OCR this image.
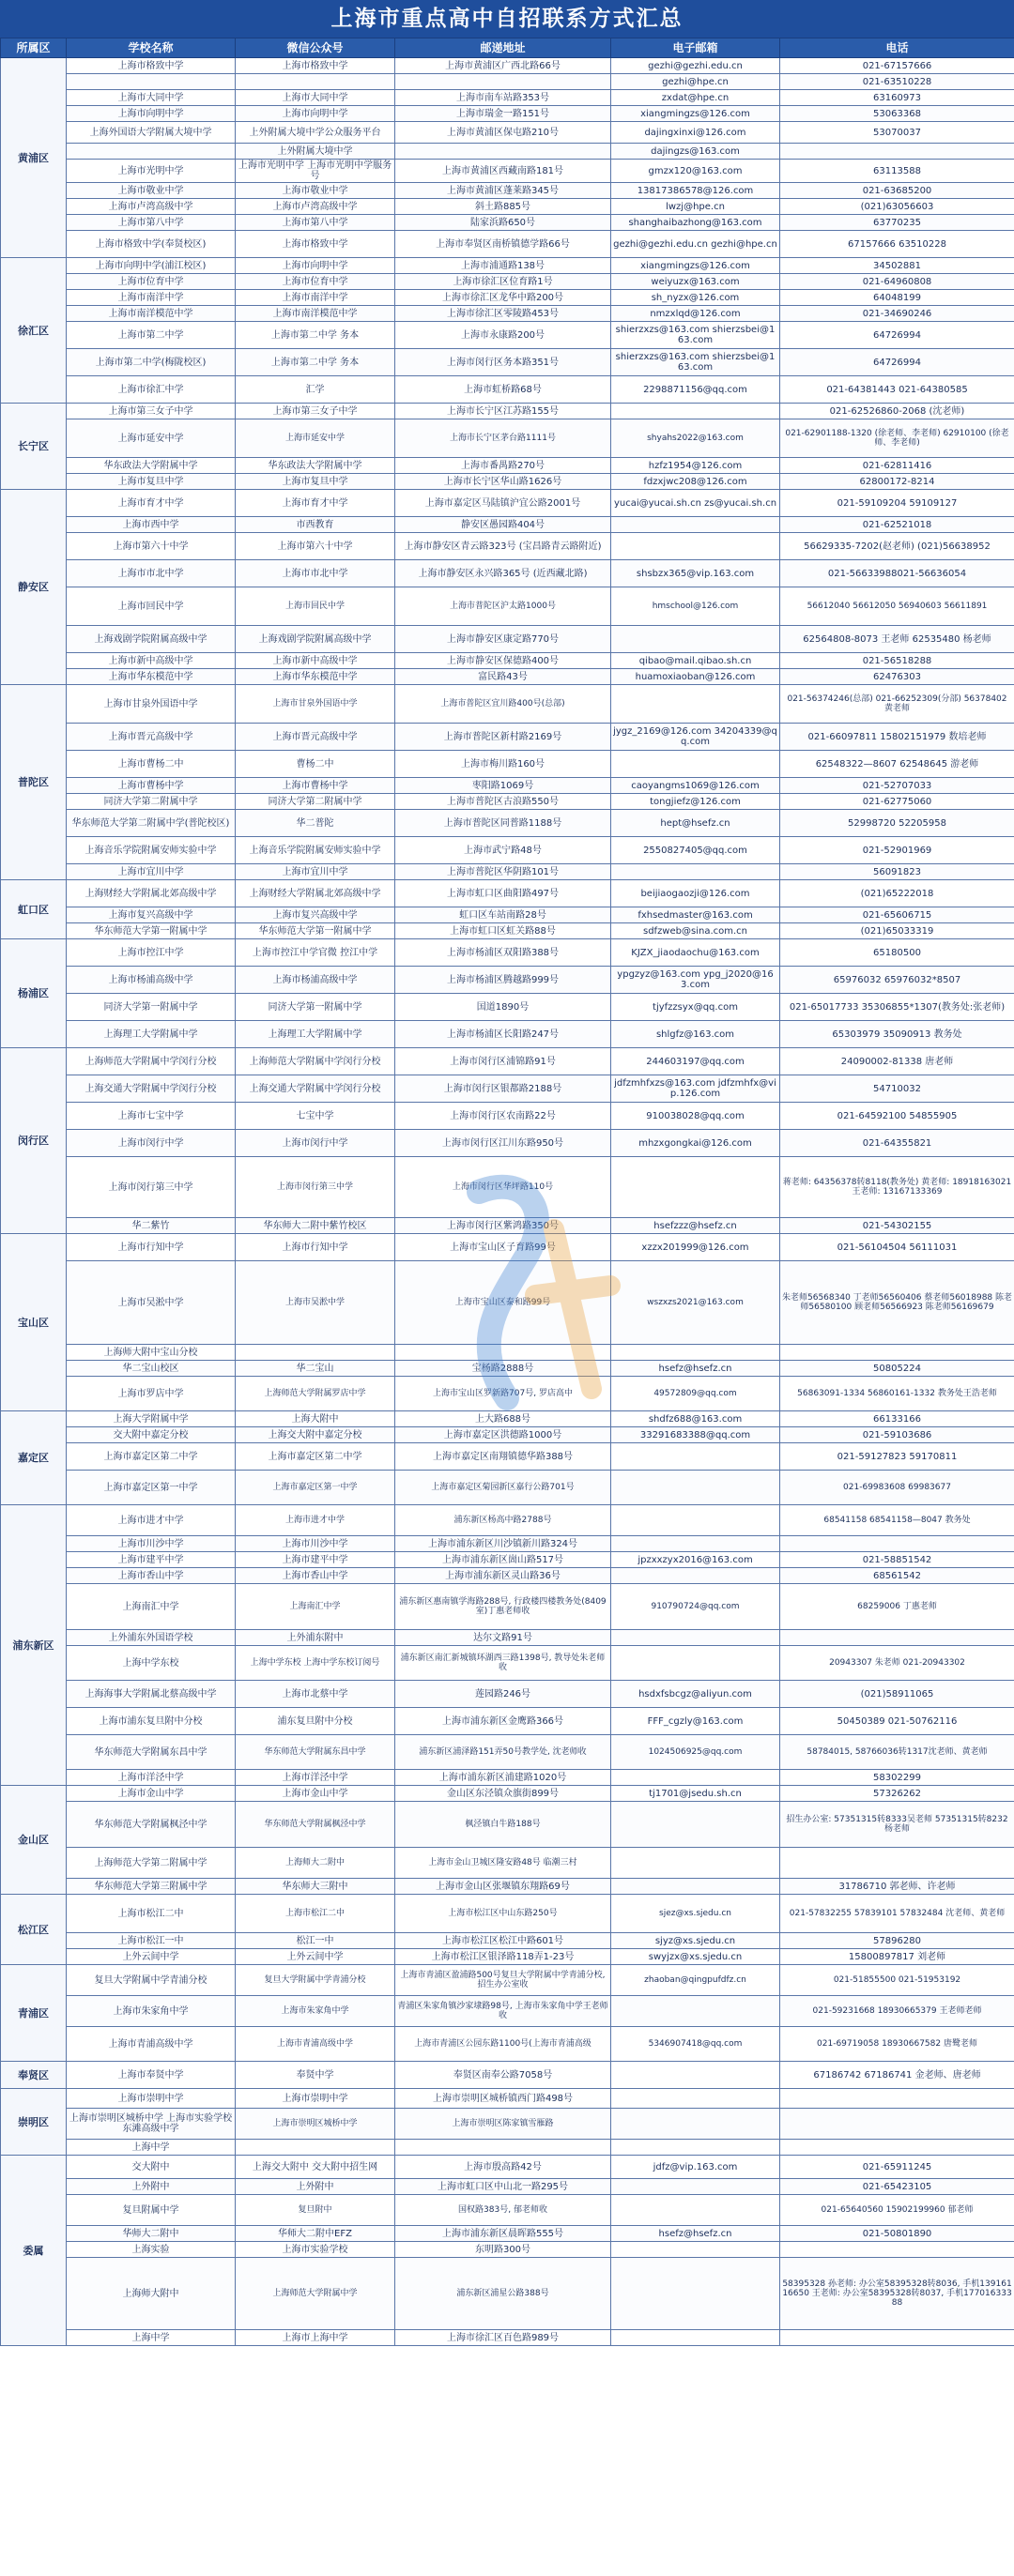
上海市重点高中自招联系方式汇总
所属区	学校名称	微信公众号	邮递地址	电子邮箱	电话
黄浦区	上海市格致中学	上海市格致中学	上海市黄浦区广西北路66号	gezhi@gezhi.edu.cn	021-67157666
				gezhi@hpe.cn	021-63510228
	上海市大同中学	上海市大同中学	上海市南车站路353号	zxdat@hpe.cn	63160973
	上海市向明中学	上海市向明中学	上海市瑞金一路151号	xiangmingzs@126.com	53063368
	上海外国语大学附属大境中学	上外附属大境中学公众服务平台	上海市黄浦区保屯路210号	dajingxinxi@126.com	53070037
		上外附属大境中学		dajingzs@163.com	
	上海市光明中学	上海市光明中学 上海市光明中学服务号	上海市黄浦区西藏南路181号	gmzx120@163.com	63113588
	上海市敬业中学	上海市敬业中学	上海市黄浦区蓬莱路345号	13817386578@126.com	021-63685200
	上海市卢湾高级中学	上海市卢湾高级中学	斜土路885号	lwzj@hpe.cn	(021)63056603
	上海市第八中学	上海市第八中学	陆家浜路650号	shanghaibazhong@163.com	63770235
	上海市格致中学(奉贤校区)	上海市格致中学	上海市奉贤区南桥镇德学路66号	gezhi@gezhi.edu.cn gezhi@hpe.cn	67157666 63510228
徐汇区	上海市向明中学(浦江校区)	上海市向明中学	上海市浦通路138号	xiangmingzs@126.com	34502881
	上海市位育中学	上海市位育中学	上海市徐汇区位育路1号	weiyuzx@163.com	021-64960808
	上海市南洋中学	上海市南洋中学	上海市徐汇区龙华中路200号	sh_nyzx@126.com	64048199
	上海市南洋模范中学	上海市南洋模范中学	上海市徐汇区零陵路453号	nmzxlqd@126.com	021-34690246
	上海市第二中学	上海市第二中学 务本	上海市永康路200号	shierzxzs@163.com shierzsbei@163.com	64726994
	上海市第二中学(梅陇校区)	上海市第二中学 务本	上海市闵行区务本路351号	shierzxzs@163.com shierzsbei@163.com	64726994
	上海市徐汇中学	汇学	上海市虹桥路68号	2298871156@qq.com	021-64381443 021-64380585
长宁区	上海市第三女子中学	上海市第三女子中学	上海市长宁区江苏路155号		021-62526860-2068 (沈老师)
	上海市延安中学	上海市延安中学	上海市长宁区茅台路1111号	shyahs2022@163.com	021-62901188-1320 (徐老师、李老师) 62910100 (徐老师、李老师)
	华东政法大学附属中学	华东政法大学附属中学	上海市番禺路270号	hzfz1954@126.com	021-62811416
	上海市复旦中学	上海市复旦中学	上海市长宁区华山路1626号	fdzxjwc208@126.com	62800172-8214
静安区	上海市育才中学	上海市育才中学	上海市嘉定区马陆镇沪宜公路2001号	yucai@yucai.sh.cn zs@yucai.sh.cn	021-59109204 59109127
	上海市西中学	市西教育	静安区愚园路404号		021-62521018
	上海市第六十中学	上海市第六十中学	上海市静安区青云路323号 (宝昌路青云路附近)		56629335-7202(赵老师) (021)56638952
	上海市市北中学	上海市市北中学	上海市静安区永兴路365号 (近西藏北路)	shsbzx365@vip.163.com	021-56633988021-56636054
	上海市回民中学	上海市回民中学	上海市普陀区沪太路1000号	hmschool@126.com	56612040 56612050 56940603 56611891
	上海戏剧学院附属高级中学	上海戏剧学院附属高级中学	上海市静安区康定路770号		62564808-8073 王老师 62535480 杨老师
	上海市新中高级中学	上海市新中高级中学	上海市静安区保德路400号	qibao@mail.qibao.sh.cn	021-56518288
	上海市华东模范中学	上海市华东模范中学	富民路43号	huamoxiaoban@126.com	62476303
普陀区	上海市甘泉外国语中学	上海市甘泉外国语中学	上海市普陀区宜川路400号(总部)		021-56374246(总部) 021-66252309(分部) 56378402 黄老师
	上海市晋元高级中学	上海市晋元高级中学	上海市普陀区新村路2169号	jygz_2169@126.com 34204339@qq.com	021-66097811 15802151979 数培老师
	上海市曹杨二中	曹杨二中	上海市梅川路160号		62548322—8607 62548645 游老师
	上海市曹杨中学	上海市曹杨中学	枣阳路1069号	caoyangms1069@126.com	021-52707033
	同济大学第二附属中学	同济大学第二附属中学	上海市普陀区古浪路550号	tongjiefz@126.com	021-62775060
	华东师范大学第二附属中学(普陀校区)	华二普陀	上海市普陀区同普路1188号	hept@hsefz.cn	52998720 52205958
	上海音乐学院附属安师实验中学	上海音乐学院附属安师实验中学	上海市武宁路48号	2550827405@qq.com	021-52901969
	上海市宜川中学	上海市宜川中学	上海市普陀区华阴路101号		56091823
虹口区	上海财经大学附属北郊高级中学	上海财经大学附属北郊高级中学	上海市虹口区曲阳路497号	beijiaogaozji@126.com	(021)65222018
	上海市复兴高级中学	上海市复兴高级中学	虹口区车站南路28号	fxhsedmaster@163.com	021-65606715
	华东师范大学第一附属中学	华东师范大学第一附属中学	上海市虹口区虹关路88号	sdfzweb@sina.com.cn	(021)65033319
杨浦区	上海市控江中学	上海市控江中学官微 控江中学	上海市杨浦区双阳路388号	KJZX_jiaodaochu@163.com	65180500
	上海市杨浦高级中学	上海市杨浦高级中学	上海市杨浦区腾越路999号	ypgzyz@163.com ypg_j2020@163.com	65976032 65976032*8507
	同济大学第一附属中学	同济大学第一附属中学	国道1890号	tjyfzzsyx@qq.com	021-65017733 35306855*1307(教务处:张老师)
	上海理工大学附属中学	上海理工大学附属中学	上海市杨浦区长阳路247号	shlgfz@163.com	65303979 35090913 教务处
闵行区	上海师范大学附属中学闵行分校	上海师范大学附属中学闵行分校	上海市闵行区浦锦路91号	244603197@qq.com	24090002-81338 唐老师
	上海交通大学附属中学闵行分校	上海交通大学附属中学闵行分校	上海市闵行区银都路2188号	jdfzmhfxzs@163.com jdfzmhfx@vip.126.com	54710032
	上海市七宝中学	七宝中学	上海市闵行区农南路22号	910038028@qq.com	021-64592100 54855905
	上海市闵行中学	上海市闵行中学	上海市闵行区江川东路950号	mhzxgongkai@126.com	021-64355821
	上海市闵行第三中学	上海市闵行第三中学	上海市闵行区华坪路110号		蒋老师: 64356378转8118(教务处) 黄老师: 18918163021 王老师: 13167133369
	华二紫竹	华东师大二附中紫竹校区	上海市闵行区紫鸿路350号	hsefzzz@hsefz.cn	021-54302155
宝山区	上海市行知中学	上海市行知中学	上海市宝山区子育路99号	xzzx201999@126.com	021-56104504 56111031
	上海市吴淞中学	上海市吴淞中学	上海市宝山区泰和路99号	wszxzs2021@163.com	朱老师56568340 丁老师56560406 蔡老师56018988 陈老师56580100 顾老师56566923 陈老师56169679
	上海师大附中宝山分校				
	华二宝山校区	华二宝山	宝杨路2888号	hsefz@hsefz.cn	50805224
	上海市罗店中学	上海师范大学附属罗店中学	上海市宝山区罗新路707号, 罗店高中	49572809@qq.com	56863091-1334 56860161-1332 教务处王浩老师
嘉定区	上海大学附属中学	上海大附中	上大路688号	shdfz688@163.com	66133166
	交大附中嘉定分校	上海交大附中嘉定分校	上海市嘉定区洪德路1000号	33291683388@qq.com	021-59103686
	上海市嘉定区第二中学	上海市嘉定区第二中学	上海市嘉定区南翔镇德华路388号		021-59127823 59170811
	上海市嘉定区第一中学	上海市嘉定区第一中学	上海市嘉定区菊园新区嘉行公路701号		021-69983608 69983677
浦东新区	上海市进才中学	上海市进才中学	浦东新区杨高中路2788号		68541158 68541158—8047 教务处
	上海市川沙中学	上海市川沙中学	上海市浦东新区川沙镇新川路324号		
	上海市建平中学	上海市建平中学	上海市浦东新区崮山路517号	jpzxxzyx2016@163.com	021-58851542
	上海市香山中学	上海市香山中学	上海市浦东新区灵山路36号		68561542
	上海南汇中学	上海南汇中学	浦东新区惠南镇学海路288号, 行政楼四楼教务处(8409室)丁惠老师收	910790724@qq.com	68259006 丁惠老师
	上外浦东外国语学校	上外浦东附中	达尔文路91号		
	上海中学东校	上海中学东校 上海中学东校订阅号	浦东新区南汇新城镇环湖西三路1398号, 教导处朱老师收		20943307 朱老师 021-20943302
	上海海事大学附属北蔡高级中学	上海市北蔡中学	莲园路246号	hsdxfsbcgz@aliyun.com	(021)58911065
	上海市浦东复旦附中分校	浦东复旦附中分校	上海市浦东新区金鹰路366号	FFF_cgzly@163.com	50450389 021-50762116
	华东师范大学附属东昌中学	华东师范大学附属东昌中学	浦东新区浦泽路151弄50号教学处, 沈老师收	1024506925@qq.com	58784015, 58766036转1317沈老师、黄老师
	上海市洋泾中学	上海市洋泾中学	上海市浦东新区浦建路1020号		58302299
金山区	上海市金山中学	上海市金山中学	金山区东泾镇众旗街899号	tj1701@jsedu.sh.cn	57326262
	华东师范大学附属枫泾中学	华东师范大学附属枫泾中学	枫泾镇白牛路188号		招生办公室: 57351315转8333吴老师 57351315转8232 杨老师
	上海师范大学第二附属中学	上海师大二附中	上海市金山卫城区隆安路48号 临潮三村		
	华东师范大学第三附属中学	华东师大三附中	上海市金山区张堰镇东翔路69号		31786710 郭老师、许老师
松江区	上海市松江二中	上海市松江二中	上海市松江区中山东路250号	sjez@xs.sjedu.cn	021-57832255 57839101 57832484 沈老师、黄老师
	上海市松江一中	松江一中	上海市松江区松江中路601号	sjyz@xs.sjedu.cn	57896280
	上外云间中学	上外云间中学	上海市松江区银泽路118弄1-23号	swyjzx@xs.sjedu.cn	15800897817 刘老师
青浦区	复旦大学附属中学青浦分校	复旦大学附属中学青浦分校	上海市青浦区盈浦路500号复旦大学附属中学青浦分校, 招生办公室收	zhaoban@qingpufdfz.cn	021-51855500 021-51953192
	上海市朱家角中学	上海市朱家角中学	青浦区朱家角镇沙家埭路98号, 上海市朱家角中学王老师收		021-59231668 18930665379 王老师老师
	上海市青浦高级中学	上海市青浦高级中学	上海市青浦区公园东路1100号(上海市青浦高级	5346907418@qq.com	021-69719058 18930667582 唐鹭老师
奉贤区	上海市奉贤中学	奉贤中学	奉贤区南奉公路7058号		67186742 67186741 金老师、唐老师
崇明区	上海市崇明中学	上海市崇明中学	上海市崇明区城桥镇西门路498号		
	上海市崇明区城桥中学 上海市实验学校东滩高级中学	上海市崇明区城桥中学	上海市崇明区陈家镇雪雁路		
	上海中学				
委属	交大附中	上海交大附中 交大附中招生网	上海市殷高路42号	jdfz@vip.163.com	021-65911245
	上外附中	上外附中	上海市虹口区中山北一路295号		021-65423105
	复旦附属中学	复旦附中	国权路383号, 郁老师收		021-65640560 15902199960 郁老师
	华师大二附中	华师大二附中EFZ	上海市浦东新区晨晖路555号	hsefz@hsefz.cn	021-50801890
	上海实验	上海市实验学校	东明路300号		
	上海师大附中	上海师范大学附属中学	浦东新区浦星公路388号		58395328 孙老师: 办公室58395328转8036, 手机13916116650 王老师: 办公室58395328转8037, 手机17701633388
	上海中学	上海市上海中学	上海市徐汇区百色路989号		
